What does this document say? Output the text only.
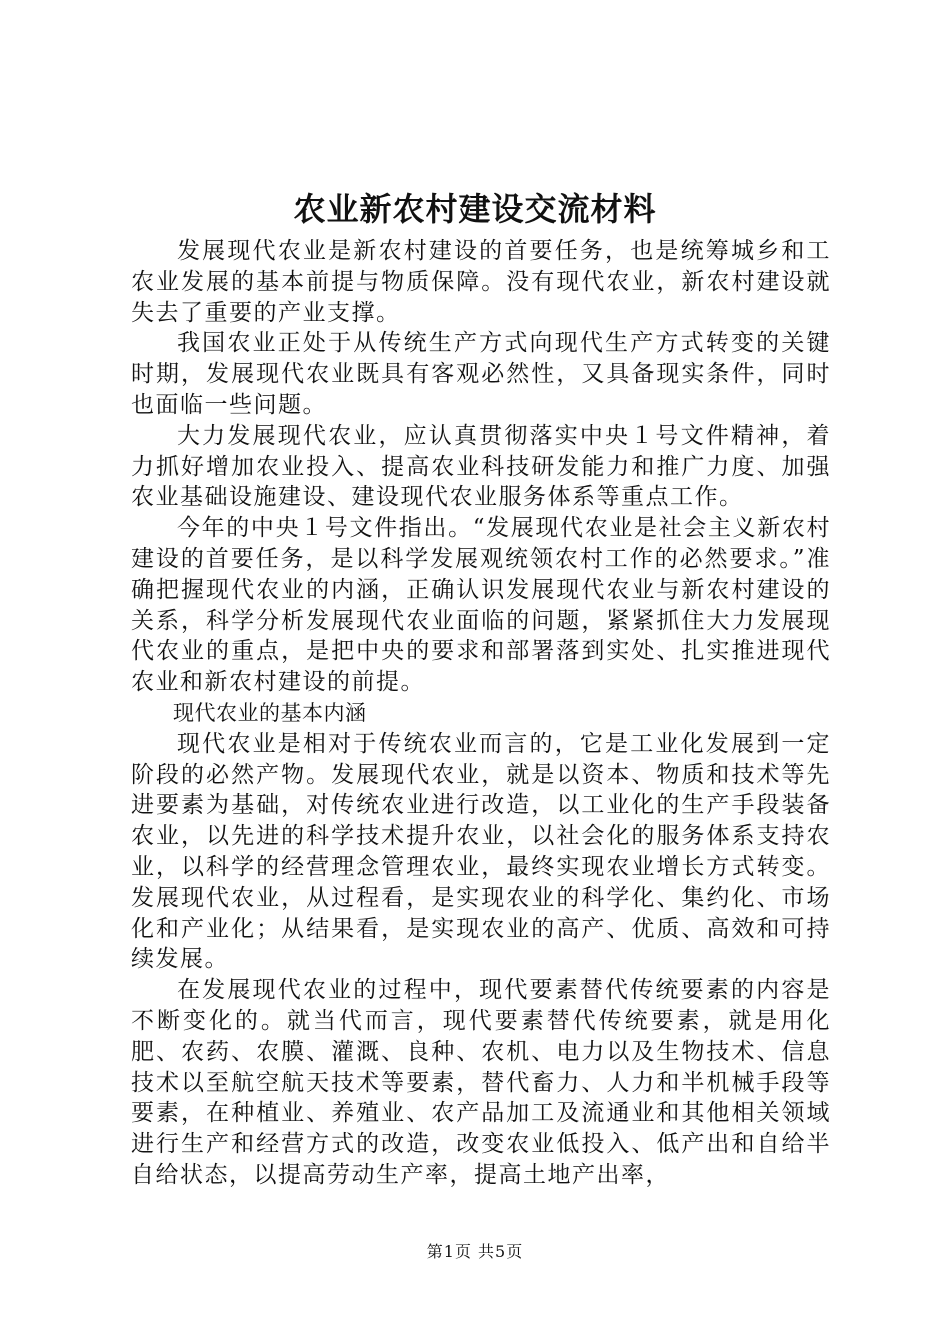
农业新农村建设交流材料

发展现代农业是新农村建设的首要任务，也是统筹城乡和工农业发展的基本前提与物质保障。没有现代农业，新农村建设就失去了重要的产业支撑。

我国农业正处于从传统生产方式向现代生产方式转变的关键时期，发展现代农业既具有客观必然性，又具备现实条件，同时也面临一些问题。

大力发展现代农业，应认真贯彻落实中央１号文件精神，着力抓好增加农业投入、提高农业科技研发能力和推广力度、加强农业基础设施建设、建设现代农业服务体系等重点工作。

今年的中央１号文件指出。“发展现代农业是社会主义新农村建设的首要任务，是以科学发展观统领农村工作的必然要求。”准确把握现代农业的内涵，正确认识发展现代农业与新农村建设的关系，科学分析发展现代农业面临的问题，紧紧抓住大力发展现代农业的重点，是把中央的要求和部署落到实处、扎实推进现代农业和新农村建设的前提。

现代农业的基本内涵

现代农业是相对于传统农业而言的，它是工业化发展到一定阶段的必然产物。发展现代农业，就是以资本、物质和技术等先进要素为基础，对传统农业进行改造，以工业化的生产手段装备农业，以先进的科学技术提升农业，以社会化的服务体系支持农业，以科学的经营理念管理农业，最终实现农业增长方式转变。发展现代农业，从过程看，是实现农业的科学化、集约化、市场化和产业化；从结果看，是实现农业的高产、优质、高效和可持续发展。

在发展现代农业的过程中，现代要素替代传统要素的内容是不断变化的。就当代而言，现代要素替代传统要素，就是用化肥、农药、农膜、灌溉、良种、农机、电力以及生物技术、信息技术以至航空航天技术等要素，替代畜力、人力和半机械手段等要素，在种植业、养殖业、农产品加工及流通业和其他相关领域进行生产和经营方式的改造，改变农业低投入、低产出和自给半自给状态，以提高劳动生产率，提高土地产出率，

第1页 共5页
